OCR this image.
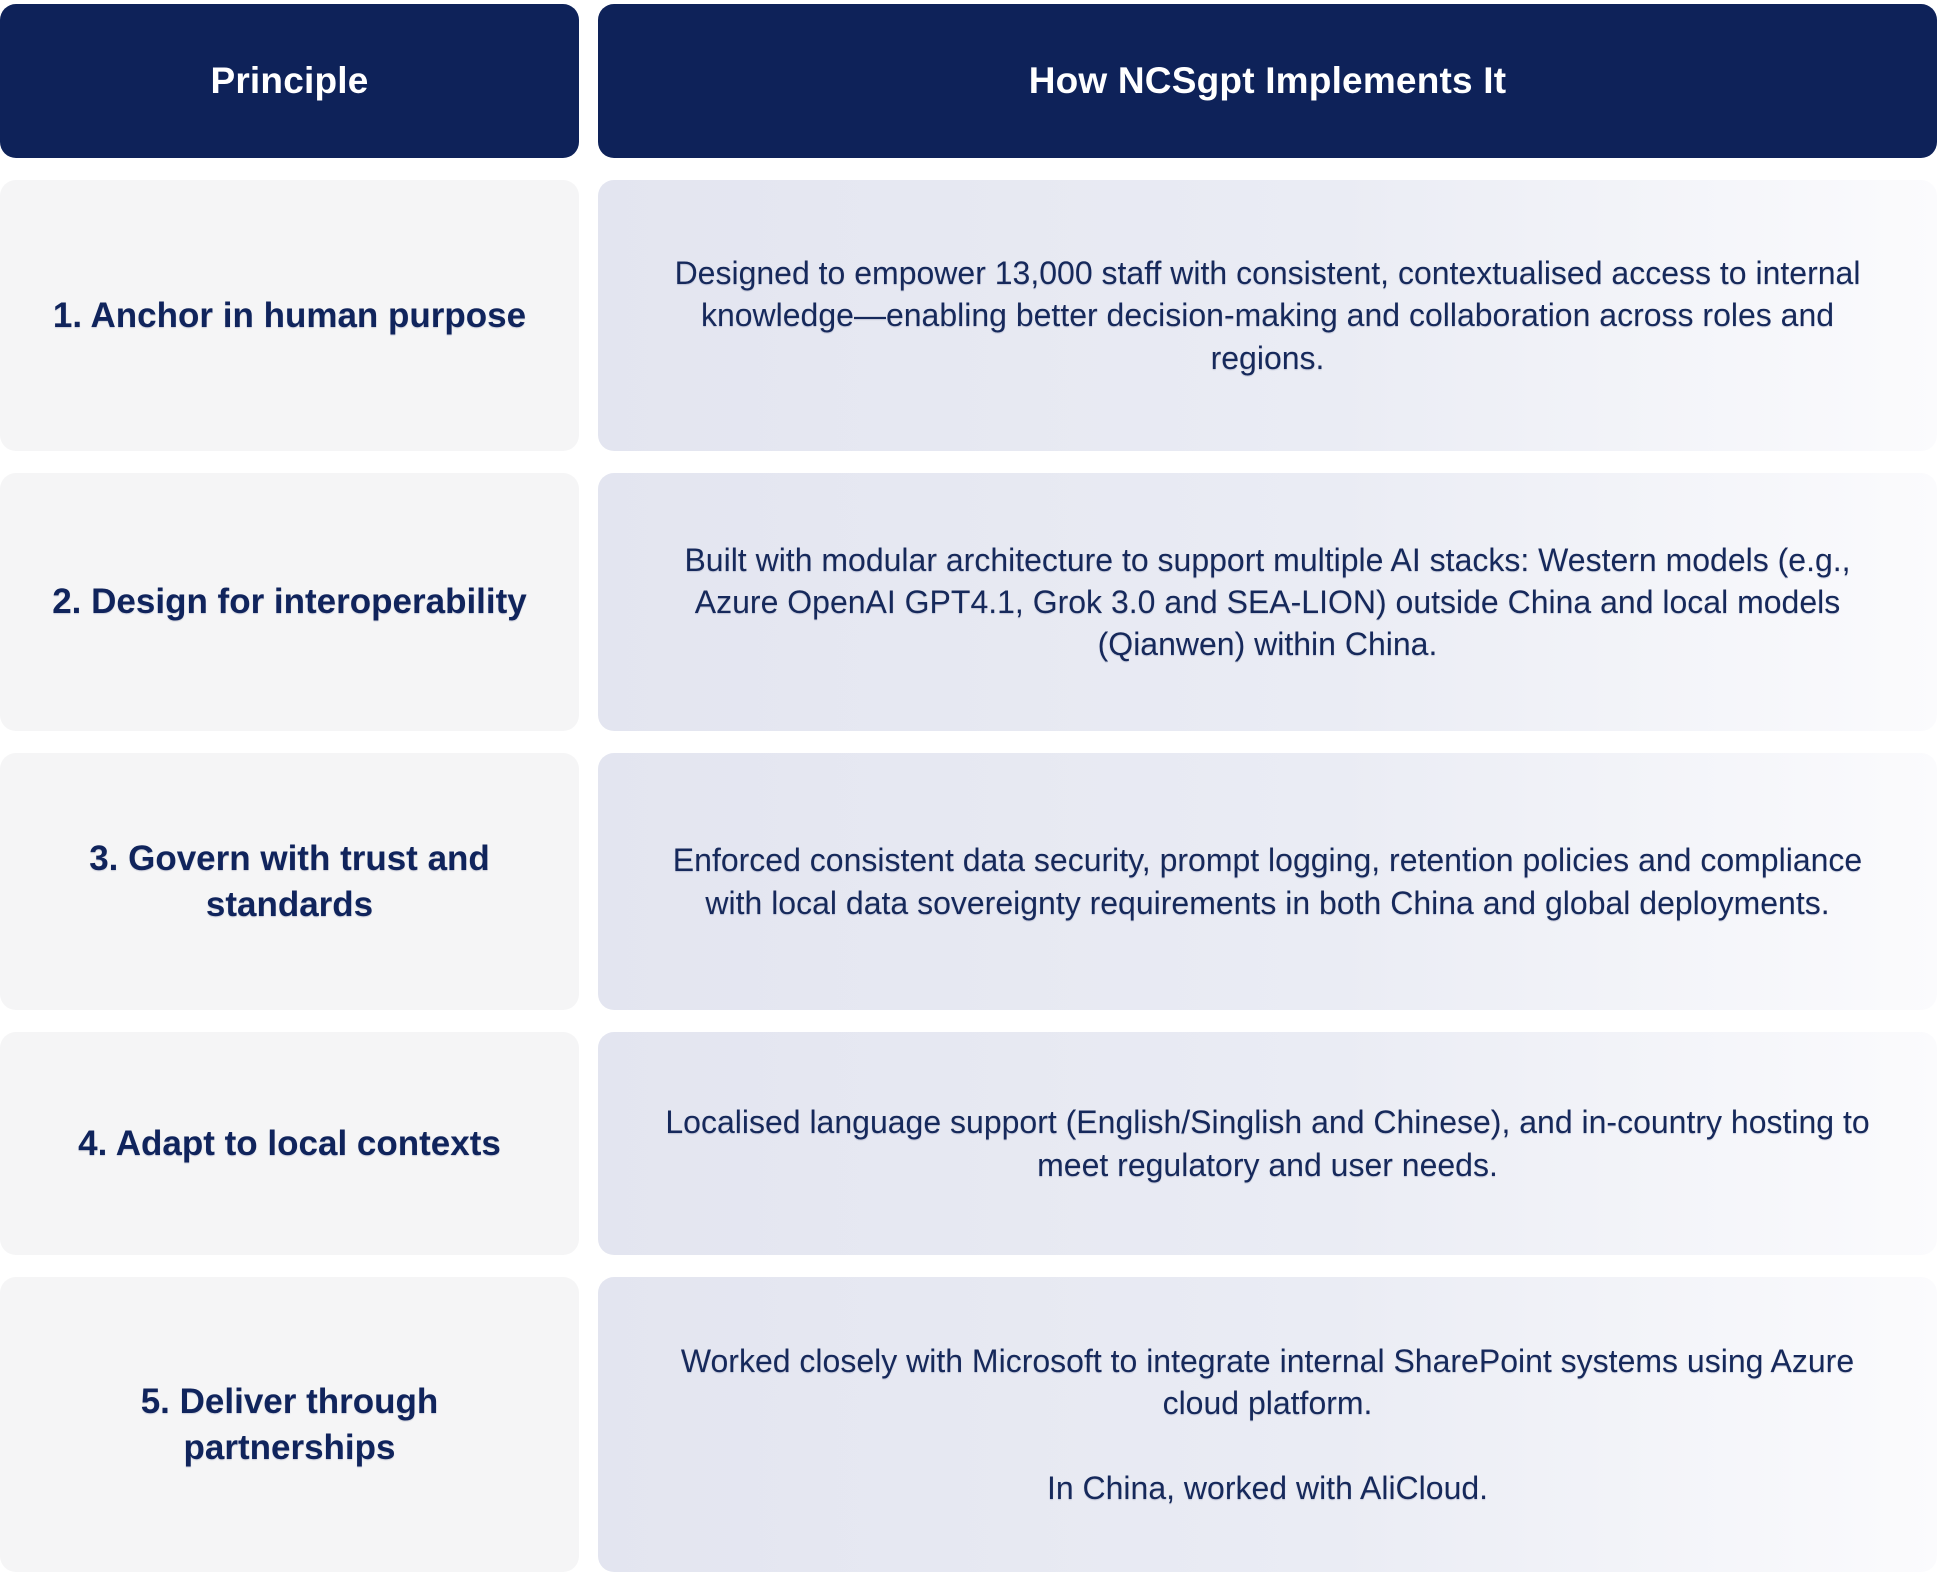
Principle	How NCSgpt Implements It
1. Anchor in human purpose

Designed to empower 13,000 staff with consistent, contextualised access to internal knowledge—enabling better decision-making and collaboration across roles and regions.

2. Design for interoperability

Built with modular architecture to support multiple AI stacks: Western models (e.g., Azure OpenAI GPT4.1, Grok 3.0 and SEA-LION) outside China and local models (Qianwen) within China.

3. Govern with trust and standards

Enforced consistent data security, prompt logging, retention policies and compliance with local data sovereignty requirements in both China and global deployments.

4. Adapt to local contexts

Localised language support (English/Singlish and Chinese), and in-country hosting to meet regulatory and user needs.

5. Deliver through partnerships

Worked closely with Microsoft to integrate internal SharePoint systems using Azure cloud platform.

In China, worked with AliCloud.
